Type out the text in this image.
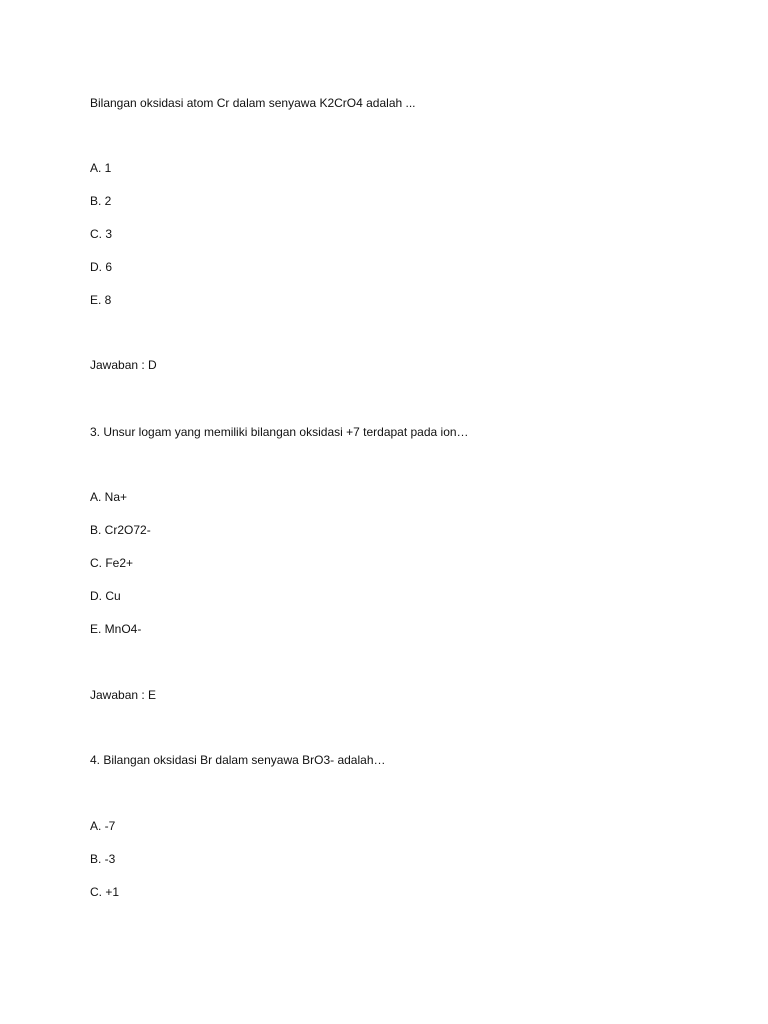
Bilangan oksidasi atom Cr dalam senyawa K2CrO4 adalah ...
A. 1
B. 2
C. 3
D. 6
E. 8
Jawaban : D
3. Unsur logam yang memiliki bilangan oksidasi +7 terdapat pada ion…
A. Na+
B. Cr2O72-
C. Fe2+
D. Cu
E. MnO4-
Jawaban : E
4. Bilangan oksidasi Br dalam senyawa BrO3- adalah…
A. -7
B. -3
C. +1
